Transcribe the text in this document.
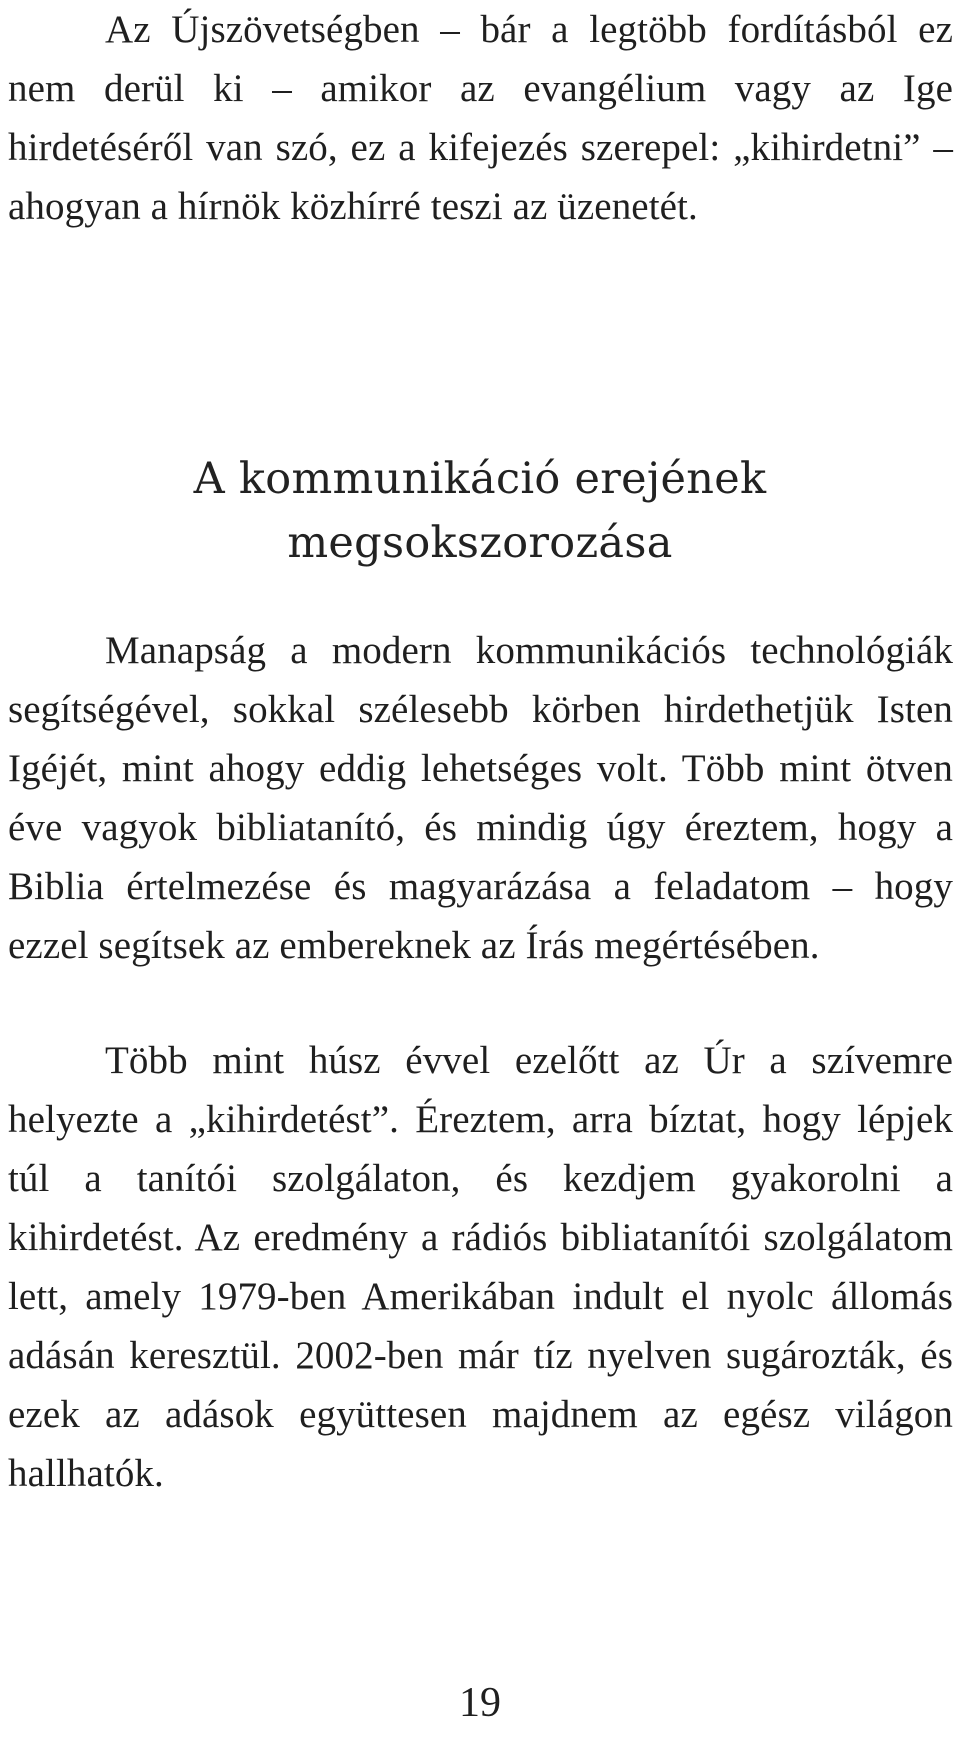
Az Újszövetségben – bár a legtöbb fordításból ez nem derül ki – amikor az evangélium vagy az Ige hirdetéséről van szó, ez a kifejezés szerepel: „kihirdetni” – ahogyan a hírnök közhírré teszi az üzenetét.

A kommunikáció erejének
megsokszorozása

Manapság a modern kommunikációs technológiák segítségével, sokkal szélesebb körben hirdethetjük Isten Igéjét, mint ahogy eddig lehetséges volt. Több mint ötven éve vagyok bibliatanító, és mindig úgy éreztem, hogy a Biblia értelmezése és magyarázása a feladatom – hogy ezzel segítsek az embereknek az Írás megértésében.

Több mint húsz évvel ezelőtt az Úr a szívemre helyezte a „kihirdetést”. Éreztem, arra bíztat, hogy lépjek túl a tanítói szolgálaton, és kezdjem gyakorolni a kihirdetést. Az eredmény a rádiós bibliatanítói szolgálatom lett, amely 1979-ben Amerikában indult el nyolc állomás adásán keresztül. 2002-ben már tíz nyelven sugározták, és ezek az adások együttesen majdnem az egész világon hallhatók.

19
